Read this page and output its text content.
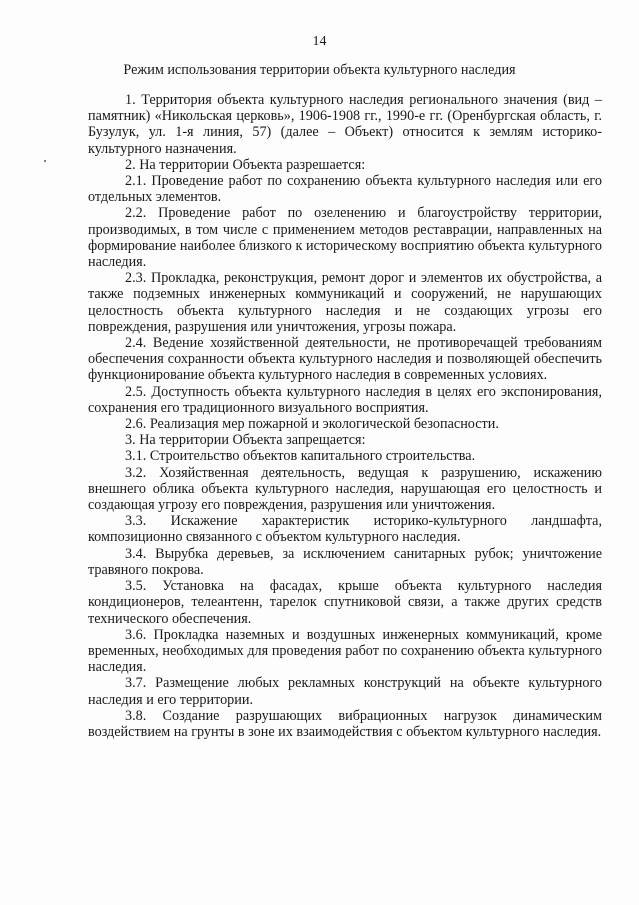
14
Режим использования территории объекта культурного наследия

1. Территория объекта культурного наследия регионального значения (вид – памятник) «Никольская церковь», 1906-1908 гг., 1990-е гг. (Оренбургская область, г. Бузулук, ул. 1-я линия, 57) (далее – Объект) относится к землям историко-культурного назначения.

2. На территории Объекта разрешается:

2.1. Проведение работ по сохранению объекта культурного наследия или его отдельных элементов.

2.2. Проведение работ по озеленению и благоустройству территории, производимых, в том числе с применением методов реставрации, направленных на формирование наиболее близкого к историческому восприятию объекта культурного наследия.

2.3. Прокладка, реконструкция, ремонт дорог и элементов их обустройства, а также подземных инженерных коммуникаций и сооружений, не нарушающих целостность объекта культурного наследия и не создающих угрозы его повреждения, разрушения или уничтожения, угрозы пожара.

2.4. Ведение хозяйственной деятельности, не противоречащей требованиям обеспечения сохранности объекта культурного наследия и позволяющей обеспечить функционирование объекта культурного наследия в современных условиях.

2.5. Доступность объекта культурного наследия в целях его экспонирования, сохранения его традиционного визуального восприятия.

2.6. Реализация мер пожарной и экологической безопасности.

3. На территории Объекта запрещается:

3.1. Строительство объектов капитального строительства.

3.2. Хозяйственная деятельность, ведущая к разрушению, искажению внешнего облика объекта культурного наследия, нарушающая его целостность и создающая угрозу его повреждения, разрушения или уничтожения.

3.3. Искажение характеристик историко-культурного ландшафта, композиционно связанного с объектом культурного наследия.

3.4. Вырубка деревьев, за исключением санитарных рубок; уничтожение травяного покрова.

3.5. Установка на фасадах, крыше объекта культурного наследия кондиционеров, телеантенн, тарелок спутниковой связи, а также других средств технического обеспечения.

3.6. Прокладка наземных и воздушных инженерных коммуникаций, кроме временных, необходимых для проведения работ по сохранению объекта культурного наследия.

3.7. Размещение любых рекламных конструкций на объекте культурного наследия и его территории.

3.8. Создание разрушающих вибрационных нагрузок динамическим воздействием на грунты в зоне их взаимодействия с объектом культурного наследия.
